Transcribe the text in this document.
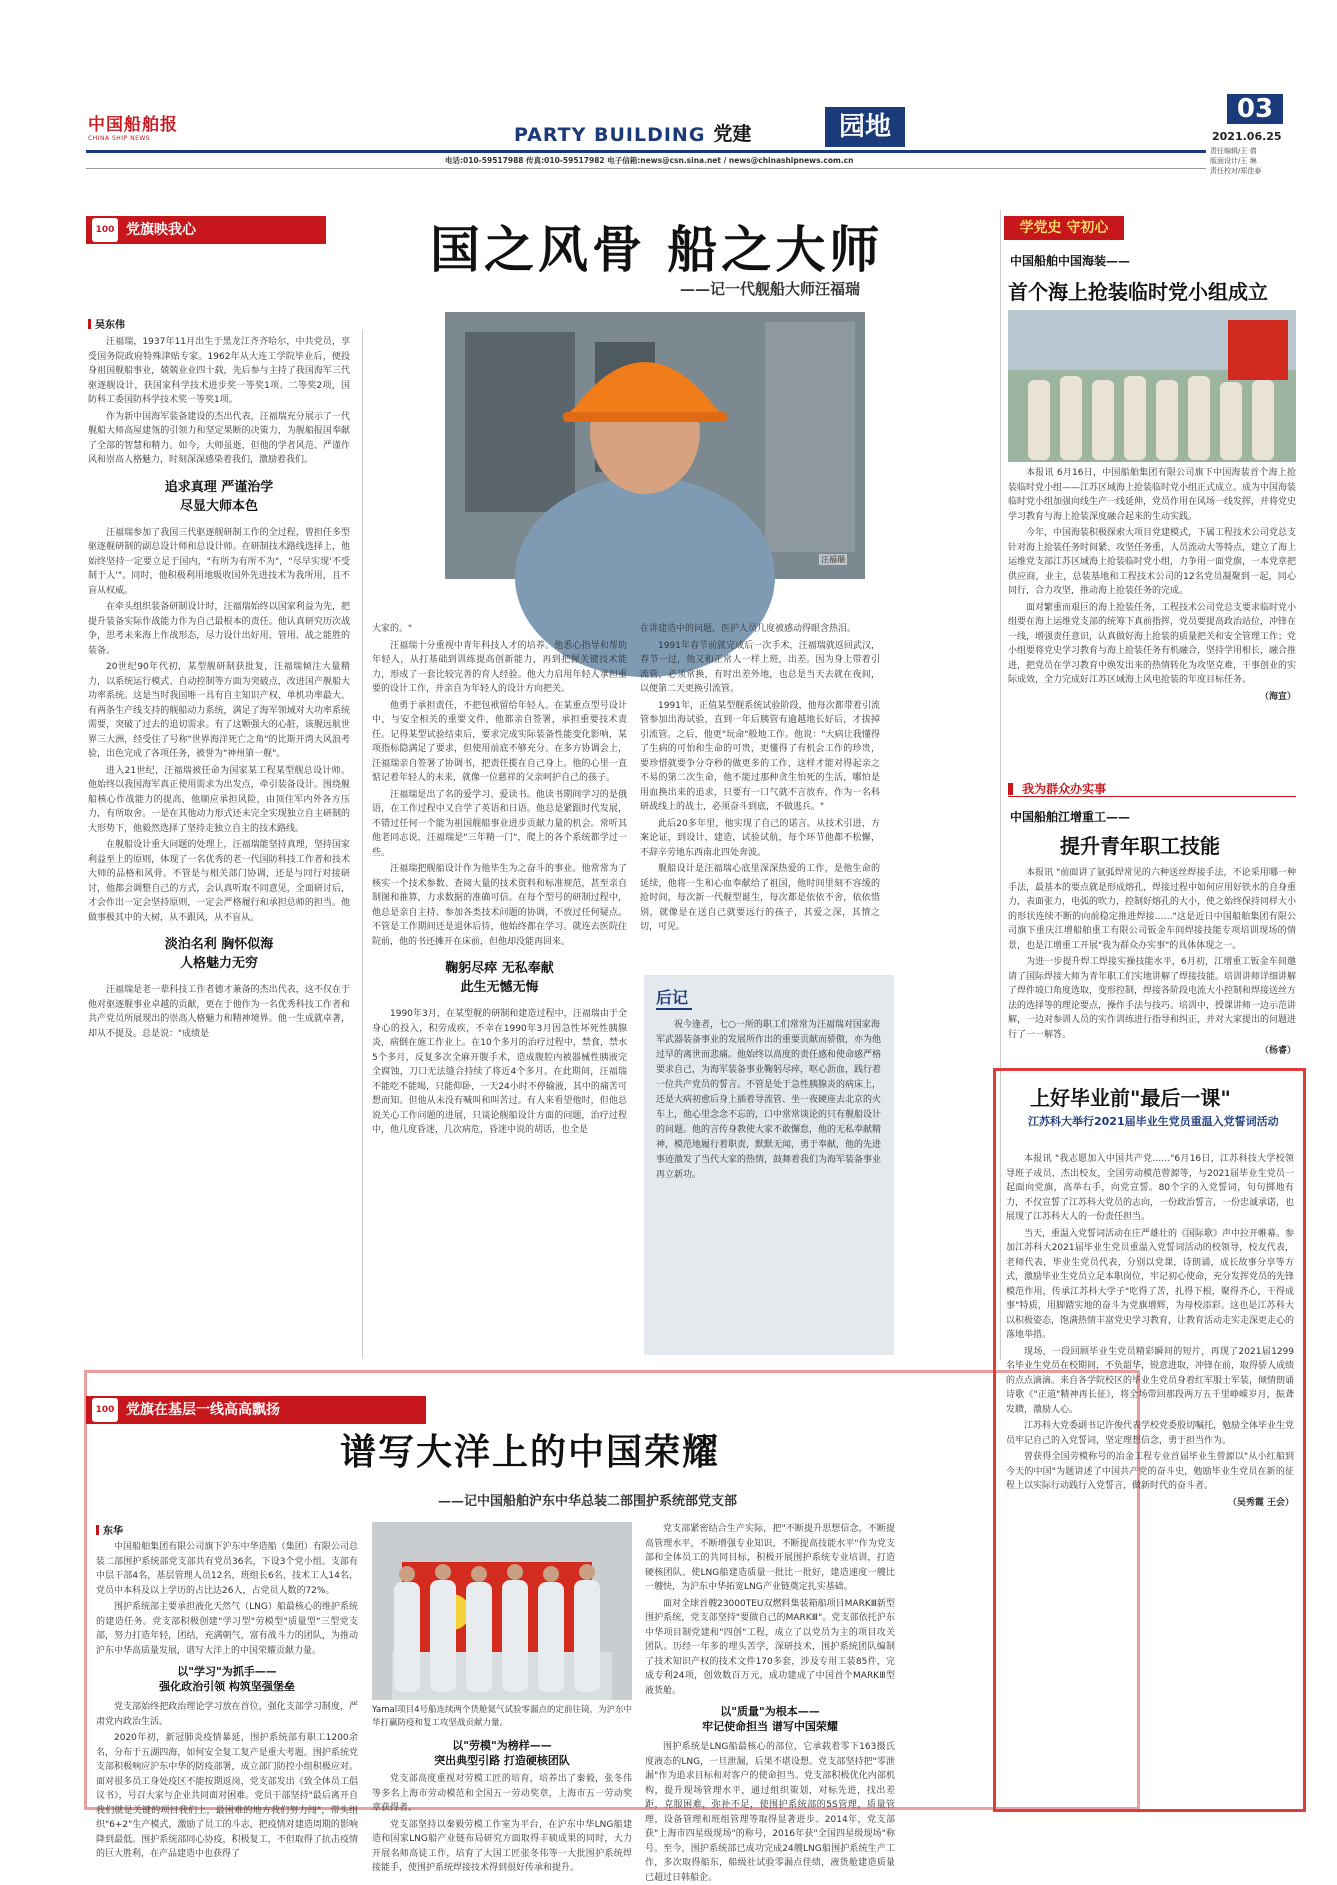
中国船舶报
CHINA SHIP NEWS	PARTY BUILDING 党建	园地
03
2021.06.25
责任编辑/王 倩
版面设计/王 琳
责任校对/郑佳泰
电话:010-59517988 传真:010-59517982 电子信箱:news@csn.sina.net / news@chinashipnews.com.cn
100 党旗映我心	国之风骨 船之大师
——记一代舰船大师汪福瑞
吴东伟
汪福瑞

汪福瑞，1937年11月出生于黑龙江齐齐哈尔，中共党员，享受国务院政府特殊津贴专家。1962年从大连工学院毕业后，便投身祖国舰船事业，兢兢业业四十载，先后参与主持了我国海军三代驱逐舰设计，获国家科学技术进步奖一等奖1项、二等奖2项，国防科工委国防科学技术奖一等奖1项。

作为新中国海军装备建设的杰出代表，汪福瑞充分展示了一代舰船大师高屋建瓴的引领力和坚定果断的决策力，为舰船报国奉献了全部的智慧和精力。如今，大师虽逝，但他的学者风范、严谨作风和崇高人格魅力，时刻深深感染着我们，激励着我们。

追求真理 严谨治学
尽显大师本色

汪福瑞参加了我国三代驱逐舰研制工作的全过程，曾担任多型驱逐舰研制的副总设计师和总设计师。在研制技术路线选择上，他始终坚持一定要立足于国内，"有所为有所不为"，"尽早实现'不受制于人'"。同时，他积极利用地吸收国外先进技术为我所用，且不盲从权威。

在牵头组织装备研制设计时，汪福瑞始终以国家利益为先，把提升装备实际作战能力作为自己最根本的责任。他认真研究历次战争，思考未来海上作战形态，尽力设计出好用、管用、战之能胜的装备。

20世纪90年代初，某型舰研制获批复，汪福瑞倾注大量精力，以系统运行模式、自动控制等方面为突破点，改进国产舰船大功率系统。这是当时我国唯一具有自主知识产权、单机功率最大、有两条生产线支持的舰船动力系统，满足了海军领域对大功率系统需要，突破了过去的追切需求。有了这颗强大的心脏，该舰远航世界三大洲，经受住了号称"世界海洋死亡之角"的比斯开湾大风浪考验，出色完成了各项任务，被誉为"神州第一舰"。

进入21世纪，汪福瑞被任命为国家某工程某型舰总设计师。他始终以我国海军真正使用需求为出发点，牵引装备设计。围绕舰船核心作战能力的提高，他顺应承担风险，由顶住军内外各方压力，有所取舍。一是在其他动力形式还未完全实现独立自主研制的大形势下，他毅然选择了坚持走独立自主的技术路线。

在舰船设计重大问题的处理上，汪福瑞能坚持真理，坚持国家利益至上的原则，体现了一名优秀的老一代国防科技工作者和技术大师的品格和风骨。不管是与相关部门协调，还是与同行对接研讨，他都会调整自己的方式，会认真听取不同意见，全面研讨后，才会作出一定会坚持原则，一定会严格履行和承担总师的担当。他做事极其中的大树，从不跟风，从不盲从。

淡泊名利 胸怀似海
人格魅力无穷

汪福瑞是老一辈科技工作者德才兼备的杰出代表，这不仅在于他对驱逐舰事业卓越的贡献，更在于他作为一名优秀科技工作者和共产党员所展现出的崇高人格魅力和精神境界。他一生成就卓著，却从不提及。总是说："成绩是

大家的。"

汪福瑞十分重视中青年科技人才的培养。他悉心指导和帮助年轻人，从打基础到训练提高创新能力，再到把握关键技术能力，形成了一套比较完善的育人经验。他大力启用年轻人承担重要的设计工作，并亲自为年轻人的设计方向把关。

他勇于承担责任，不把包袱留给年轻人。在某重点型号设计中，与安全相关的重要文件，他都亲自签署，承担重要技术责任。记得某型试验结束后，要求完成实际装备性能变化影响，某项指标隐满足了要求，但使用前底不够充分。在多方协调会上，汪福瑞亲自签署了协调书，把责任揽在自己身上。他的心里一直惦记着年轻人的未来，就像一位慈祥的父亲呵护自己的孩子。

汪福瑞是出了名的爱学习、爱读书。他读书期间学习的是俄语，在工作过程中又自学了英语和日语。他总是紧跟时代发展，不错过任何一个能为祖国舰船事业进步贡献力量的机会。常听其他老同志说，汪福瑞是"三年精一门"，爬上的各个系统都学过一些。

汪福瑞把舰船设计作为他毕生为之奋斗的事业。他常常为了核实一个技术参数、查阅大量的技术资料和标准规范，甚至亲自制图和推算，力求数据的准确可信。在每个型号的研制过程中，他总是亲自主持、参加各类技术问题的协调，不放过任何疑点。不管是工作期间还是退休后待，他始终都在学习。就连去医院住院前，他的书还摊开在床前，但他却没能再回来。

鞠躬尽瘁 无私奉献
此生无憾无悔

1990年3月，在某型舰的研制和建造过程中，汪福瑞由于全身心的投入，积劳成疾，不幸在1990年3月因急性坏死性胰腺炎，病倒在施工作业上。在10个多月的治疗过程中，禁食，禁水5个多月，反复多次全麻开腹手术，造成腹腔内被器械性胰液完全腐蚀，刀口无法缝合持续了将近4个多月。在此期间，汪福瑞不能吃不能喝，只能仰卧，一天24小时不停输液，其中的痛苦可想而知。但他从未没有喊叫和叫苦过。有人来看望他时，但他总说关心工作问题的进展，只谈论舰船设计方面的问题，治疗过程中，他几度昏迷，几次病危，昏迷中说的胡话，也全是

在讲建造中的问题，医护人员几度被感动得眼含热泪。

1991年春节前就完成后一次手术，汪福瑞就返回武汉，春节一过，他又和正常人一样上班，出差。因为身上带着引流管，必须常换，有时出差外地，也总是当天去就在夜间，以便第二天更换引流管。

1991年，正值某型舰系统试验阶段，他每次都带着引流管参加出海试验，直到一年后胰管有逾越地长好后，才拔掉引流管。之后，他更"玩命"般地工作。他说："大病让我懂得了生病的可怕和生命的可贵，更懂得了有机会工作的珍贵，要珍惜就要争分夺秒的做更多的工作，这样才能对得起亲之不易的第二次生命，他不能过那种贪生怕死的生活，哪怕是用血换出来的追求，只要有一口气就不言放弃，作为一名科研战线上的战士，必须奋斗到底，不做逃兵。"

此后20多年里，他实现了自己的诺言。从技术引进，方案论证，到设计，建造，试验试航，每个环节他都不松懈，不辞辛劳地东西南北四处奔波。

舰船设计是汪福瑞心底里深深热爱的工作，是他生命的延续，他将一生和心血奉献给了祖国，他时间里刻不容缓的抢时间，每次新一代舰型诞生，每次都是依依不舍，依依惜别，就像是在送自己就要远行的孩子，其爱之深，其情之切，可见。

后记
祝今逢者，七○一所的职工们常常为汪福瑞对国家海军武器装备事业的发展所作出的重要贡献而骄傲，亦为他过早的离世而悲痛。他始终以高度的责任感和使命感严格要求自己，为海军装备事业鞠躬尽瘁，呕心沥血，践行着一位共产党员的誓言。不管是处于急性胰腺炎的病床上，还是大病初愈后身上插着导流管、坐一夜硬座去北京的火车上，他心里念念不忘的，口中常常谈论的只有舰船设计的问题。他的言传身教使大家不敢懈怠，他的无私奉献精神，模范地履行着职责，默默无闻，勇于奉献，他的先进事迹激发了当代大家的热情，鼓舞着我们为海军装备事业再立新功。
100 党旗在基层一线高高飘扬
谱写大洋上的中国荣耀
——记中国船舶沪东中华总装二部围护系统部党支部
东华

中国船舶集团有限公司旗下沪东中华造船（集团）有限公司总装二部围护系统部党支部共有党员36名，下设3个党小组。支部有中层干部4名，基层管理人员12名，班组长6名，技术工人14名，党员中本科及以上学历的占比达26人，占党员人数的72%。

围护系统部主要承担液化天然气（LNG）船最核心的维护系统的建造任务。党支部积极创建"学习型"劳模型"质量型"三型党支部，努力打造年轻，团结，充满朝气，富有战斗力的团队，为推动沪东中华高质量发展，谱写大洋上的中国荣耀贡献力量。

以"学习"为抓手——
强化政治引领 构筑坚强堡垒

党支部始终把政治理论学习放在首位，强化支部学习制度，严肃党内政治生活。

2020年初，新冠肺炎疫情暴延，围护系统部有职工1200余名，分布于五湖四海，如何安全复工复产是重大考题。围护系统党支部积极响应沪东中华的防疫部署，成立部门防控小组积极应对。面对很多员工身处疫区不能按期返岗，党支部发出《致全体员工倡议书》，号召大家与企业共同面对困难。党员干部坚持"最后离开自我们就是关键的项目我们上，最困难的地方我们努力闯"，带头组织"6+2"生产模式，激励了员工的斗志，把疫情对建造周期的影响降到最低。围护系统部同心协疫，积极复工，不但取得了抗击疫情的巨大胜利，在产品建造中也获得了

Yamal项目4号船连续两个货舱氦气试验零漏点的定前往镜，为沪东中华打赢防疫和复工攻坚战贡献力量。
以"劳模"为榜样——
突出典型引路 打造硬核团队

党支部高度重视对劳模工匠的培育，培养出了秦毅，张冬伟等多名上海市劳动模范和全国五一劳动奖章，上海市五一劳动奖章获得者。

党支部坚持以秦毅劳模工作室为平台，在沪东中华LNG船建造和国家LNG船产业链布局研究方面取得丰硕成果的同时，大力开展名师高徒工作，培育了大国工匠张冬伟等一大批围护系统焊接能手，使围护系统焊接技术得到很好传承和提升。

党支部紧密结合生产实际，把"不断提升思想信念，不断提高管理水平，不断增强专业知识，不断提高技能水平"作为党支部和全体员工的共同目标，积极开展围护系统专业培训，打造硬核团队。使LNG船建造质量一批比一批好，建造速度一艘比一艘快，为沪东中华拓宽LNG产业链奠定扎实基础。

面对全球首艘23000TEU双燃料集装箱船项目MARKⅢ新型围护系统，党支部坚持"要做自己的MARKⅢ"。党支部依托沪东中华项目制党建和"四创"工程，成立了以党员为主的项目攻关团队。历经一年多的埋头苦学，深研技术，围护系统团队编制了技术知识产权的技术文件170多套，涉及专用工装85件，完成专利24项，创效数百万元，成功建成了中国首个MARKⅢ型液货舱。

以"质量"为根本——
牢记使命担当 谱写中国荣耀

围护系统是LNG船最核心的部位，它承载着零下163摄氏度液态的LNG，一旦泄漏，后果不堪设想。党支部坚持把"零泄漏"作为追求目标和对客户的使命担当。党支部积极优化内部机构，提升现场管理水平，通过组织策划，对标先进，找出差距，克服困难，弥补不足，使围护系统部的5S管理，质量管理，设备管理和班组管理等取得显著进步。2014年，党支部获"上海市四星级现场"的称号，2016年获"全国四星级现场"称号。至今，围护系统部已成功完成24艘LNG船围护系统生产工作，多次取得船东，船级社试验零漏点佳绩，液货舱建造质量已超过日韩船企。

学党史 守初心
中国船舶中国海装——
首个海上抢装临时党小组成立

本报讯 6月16日，中国船舶集团有限公司旗下中国海装首个海上抢装临时党小组——江苏区域海上抢装临时党小组正式成立。成为中国海装临时党小组加强向线生产一线延伸，党员作用在风场一线发挥，并将党史学习教育与海上抢装深度融合起来的生动实践。

今年，中国海装积极探索大项目党建模式，下属工程技术公司党总支针对海上抢装任务时间紧、攻坚任务重，人员流动大等特点，建立了海上运维党支部江苏区域海上抢装临时党小组，力争用一面党旗，一本党章把供应商，业主，总装基地和工程技术公司的12名党员凝聚到一起，同心同行，合力攻坚，推动海上抢装任务的完成。

面对繁重而艰巨的海上抢装任务，工程技术公司党总支要求临时党小组要在海上运维党支部的统筹下真前指挥，党员要提高政治站位，冲锋在一线，增强责任意识，认真做好海上抢装的质量把关和安全管理工作；党小组要将党史学习教育与海上抢装任务有机融合，坚持学用相长，融合推进，把党员在学习教育中焕发出来的热情转化为攻坚克难，干事创业的实际成效，全力完成好江苏区域海上风电抢装的年度目标任务。

（海宣）
我为群众办实事
中国船舶江增重工——
提升青年职工技能

本报讯 "前面讲了氩弧焊常见的六种送丝焊接手法，不论采用哪一种手法，最基本的要点就是形成熔孔，焊接过程中如何应用好铁水的自身重力，表面张力，电弧的吹力，控制好熔孔的大小，使之始终保持同样大小的形状连续不断的向前稳定推进焊接……"这是近日中国船舶集团有限公司旗下重庆江增船舶重工有限公司钣金车间焊接技能专项培训现场的情景，也是江增重工开展"我为群众办实事"的具体体现之一。

为进一步提升焊工焊接实操技能水平，6月初，江增重工钣金车间邀请了国际焊接大师为青年职工们实地讲解了焊接技能。培训讲师详细讲解了焊件坡口角度选取，变形控制，焊接各阶段电流大小控制和焊接送丝方法的选择等的理论要点，操作手法与技巧。培训中，授课讲师一边示范讲解，一边对参训人员的实作训练进行指导和纠正，并对大家提出的问题进行了一一解答。

（杨睿）
上好毕业前"最后一课"
江苏科大举行2021届毕业生党员重温入党誓词活动

本报讯 "我志愿加入中国共产党……"6月16日，江苏科技大学校领导班子成员，杰出校友，全国劳动模范曾源等，与2021届毕业生党员一起面向党旗，高举右手，向党宣誓。80个字的入党誓词，句句掷地有力，不仅宣誓了江苏科大党员的志向，一份政治誓言，一份忠诚承诺，也展现了江苏科大人的一份责任担当。

当天，重温入党誓词活动在庄严雄壮的《国际歌》声中拉开帷幕。参加江苏科大2021届毕业生党员重温入党誓词活动的校领导，校友代表，老师代表，毕业生党员代表，分别以党课，诗朗诵，成长故事分享等方式，激励毕业生党员立足本职岗位，牢记初心使命，充分发挥党员的先锋模范作用，传承江苏科大学子"吃得了苦，扎得下根，聚得齐心，干得成事"特质，用脚踏实地的奋斗为党旗增辉，为母校添彩。这也是江苏科大以积极姿态，饱满热情丰富党史学习教育，让教育活动走实走深更走心的落地举措。

现场，一段回顾毕业生党员精彩瞬间的短片，再现了2021届1299名毕业生党员在校期间，不负韶华，锐意进取，冲锋在前，取得骄人成绩的点点滴滴。来自各学院校区的毕业生党员身着红军服士军装，倾情朗诵诗歌《"正道"精神再长征》，将全场带回那段两万五千里峥嵘岁月，振聋发聩，激励人心。

江苏科大党委副书记许俊代表学校党委殷切嘱托，勉励全体毕业生党员牢记自己的入党誓词，坚定理想信念，勇于担当作为。

曾获得全国劳模称号的冶金工程专业首届毕业生曾源以"从小红船到今天的中国"为题讲述了中国共产党的奋斗史，勉励毕业生党员在新的征程上以实际行动践行入党誓言，做新时代的奋斗者。

（吴秀霞 王会）
